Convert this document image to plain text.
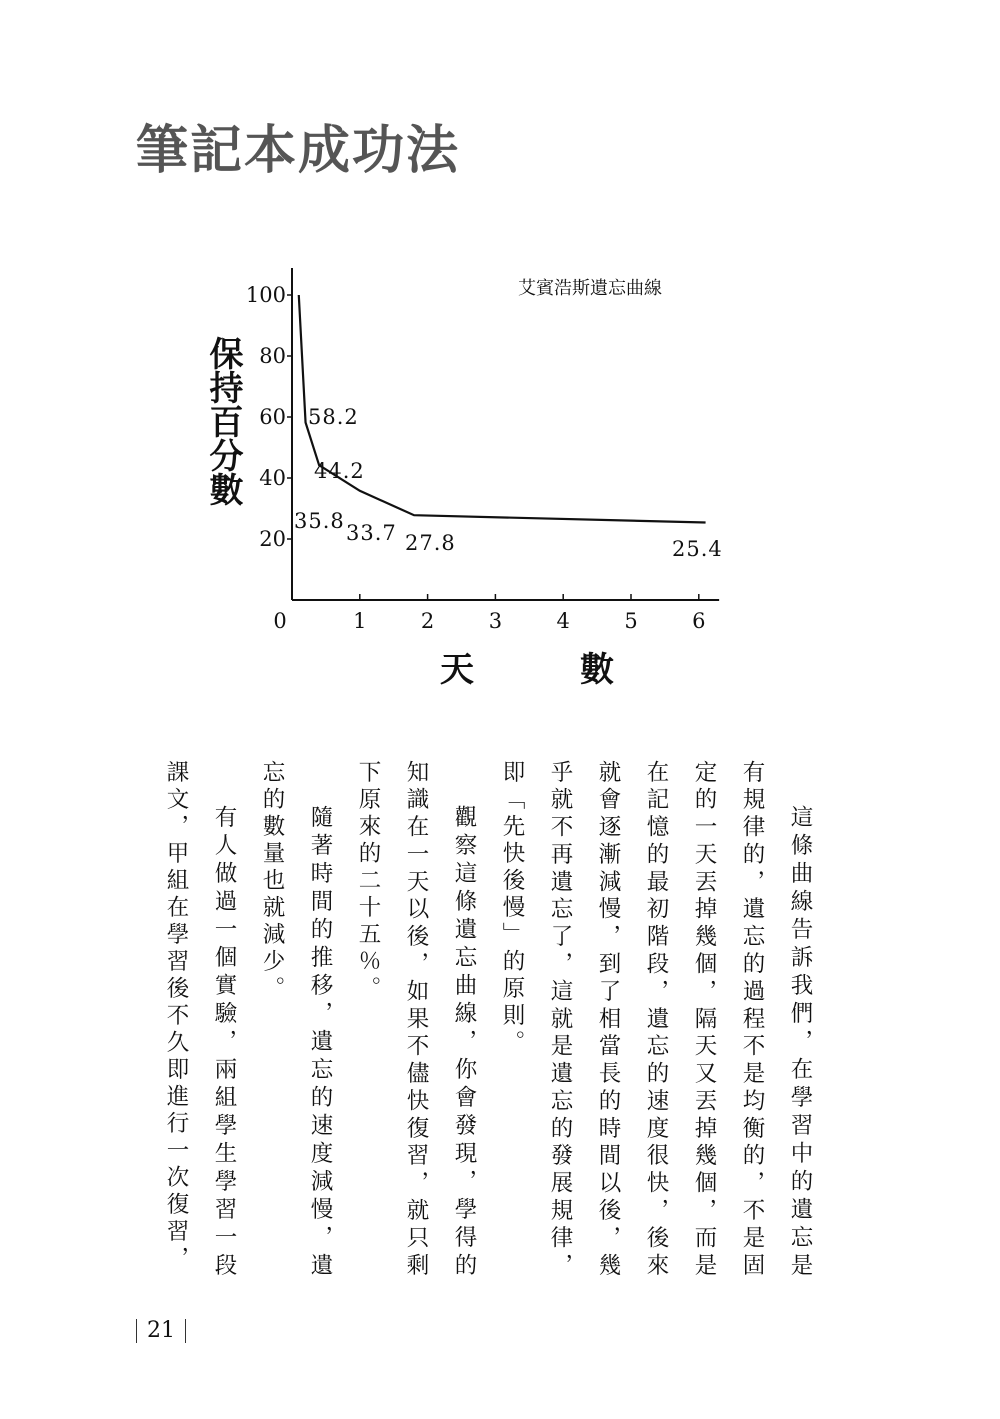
筆記本成功法
20
40
60
80
100
0	1	2	3	4	5	6
58.2
44.2
35.8 33.7 27.8	25.4
艾賓浩斯遺忘曲線
保持百分數
天　數

這條曲線告訴我們，在學習中的遺忘是有規律的，遺忘的過程不是均衡的，不是固定的一天丟掉幾個，隔天又丟掉幾個，而是在記憶的最初階段，遺忘的速度很快，後來就會逐漸減慢，到了相當長的時間以後，幾乎就不再遺忘了，這就是遺忘的發展規律，即「先快後慢」的原則。

觀察這條遺忘曲線，你會發現，學得的知識在一天以後，如果不儘快復習，就只剩下原來的二十五％。

隨著時間的推移，遺忘的速度減慢，遺忘的數量也就減少。

有人做過一個實驗，兩組學生學習一段課文，甲組在學習後不久即進行一次復習，

21
